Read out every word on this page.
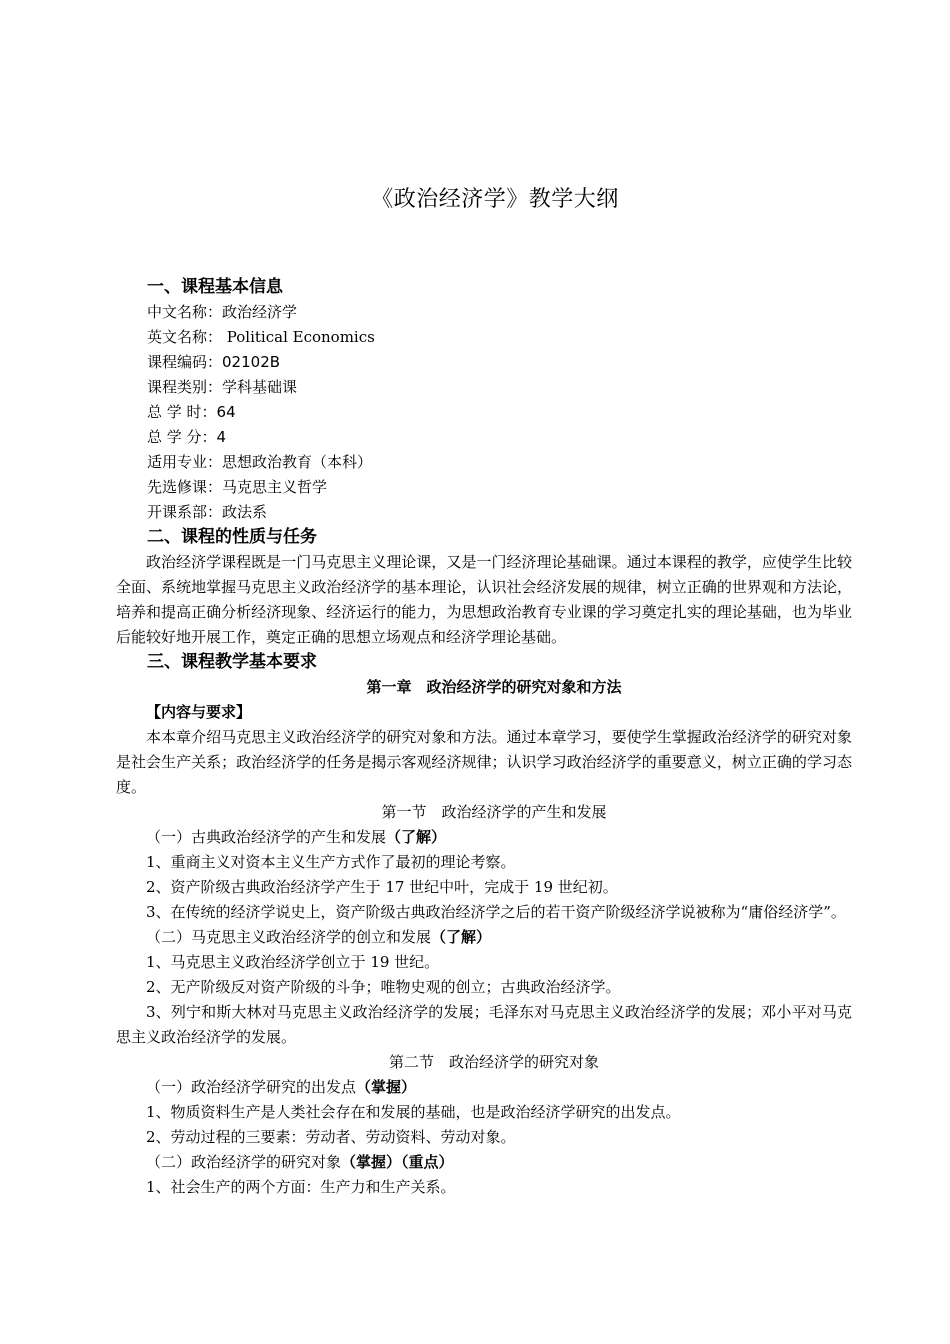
《政治经济学》教学大纲
一、课程基本信息
中文名称：政治经济学
英文名称： Political Economics
课程编码：02102B
课程类别：学科基础课
总 学 时：64
总 学 分：4
适用专业：思想政治教育（本科）
先选修课：马克思主义哲学
开课系部：政法系
二、课程的性质与任务

政治经济学课程既是一门马克思主义理论课，又是一门经济理论基础课。通过本课程的教学，应使学生比较全面、系统地掌握马克思主义政治经济学的基本理论，认识社会经济发展的规律，树立正确的世界观和方法论，培养和提高正确分析经济现象、经济运行的能力，为思想政治教育专业课的学习奠定扎实的理论基础，也为毕业后能较好地开展工作，奠定正确的思想立场观点和经济学理论基础。

三、课程教学基本要求
第一章　政治经济学的研究对象和方法
【内容与要求】

本本章介绍马克思主义政治经济学的研究对象和方法。通过本章学习，要使学生掌握政治经济学的研究对象是社会生产关系；政治经济学的任务是揭示客观经济规律；认识学习政治经济学的重要意义，树立正确的学习态度。

第一节　政治经济学的产生和发展
（一）古典政治经济学的产生和发展（了解）

1、重商主义对资本主义生产方式作了最初的理论考察。

2、资产阶级古典政治经济学产生于 17 世纪中叶，完成于 19 世纪初。

3、在传统的经济学说史上，资产阶级古典政治经济学之后的若干资产阶级经济学说被称为“庸俗经济学”。

（二）马克思主义政治经济学的创立和发展（了解）

1、马克思主义政治经济学创立于 19 世纪。

2、无产阶级反对资产阶级的斗争；唯物史观的创立；古典政治经济学。

3、列宁和斯大林对马克思主义政治经济学的发展；毛泽东对马克思主义政治经济学的发展；邓小平对马克思主义政治经济学的发展。

第二节　政治经济学的研究对象
（一）政治经济学研究的出发点（掌握）

1、物质资料生产是人类社会存在和发展的基础，也是政治经济学研究的出发点。

2、劳动过程的三要素：劳动者、劳动资料、劳动对象。

（二）政治经济学的研究对象（掌握）（重点）

1、社会生产的两个方面：生产力和生产关系。
